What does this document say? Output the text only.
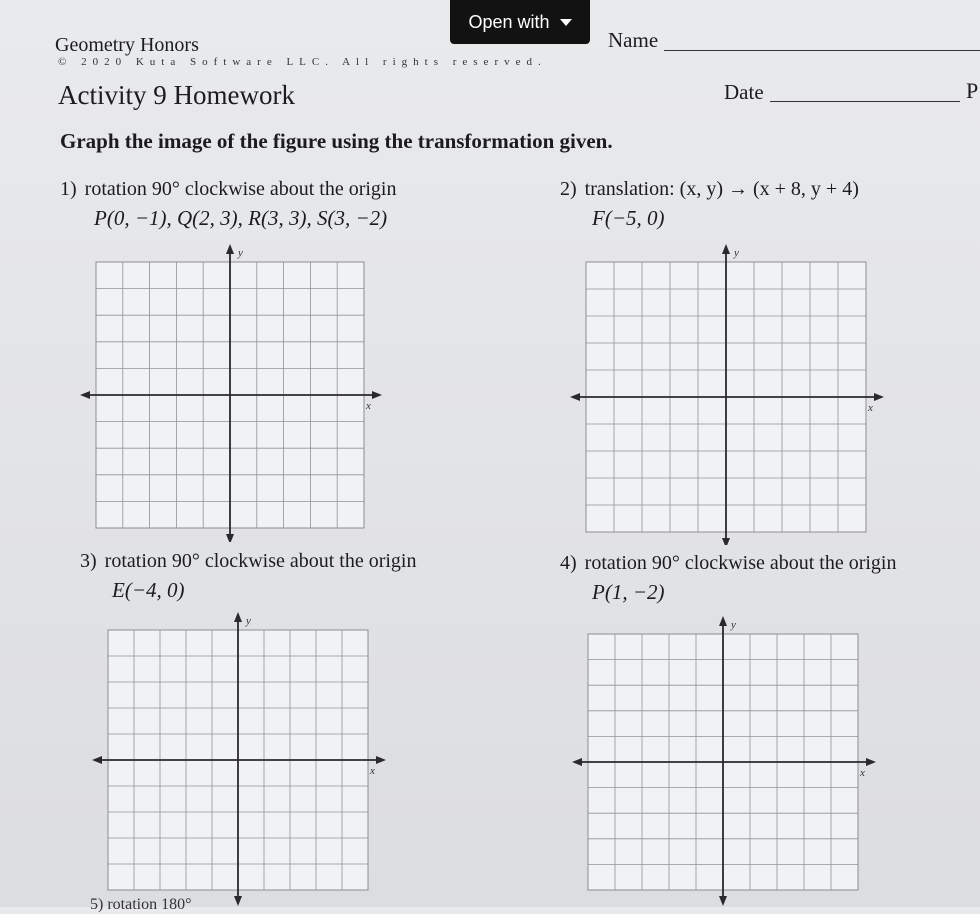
Open with
Geometry Honors
© 2020 Kuta Software LLC. All rights reserved.
Activity 9 Homework
Name
Date	P
Graph the image of the figure using the transformation given.
1) rotation 90° clockwise about the origin
P(0, −1), Q(2, 3), R(3, 3), S(3, −2)
2) translation: (x, y) → (x + 8, y + 4)
F(−5, 0)
3) rotation 90° clockwise about the origin
E(−4, 0)
4) rotation 90° clockwise about the origin
P(1, −2)
x
y
x
y
x
y
x
y
5) rotation 180°
